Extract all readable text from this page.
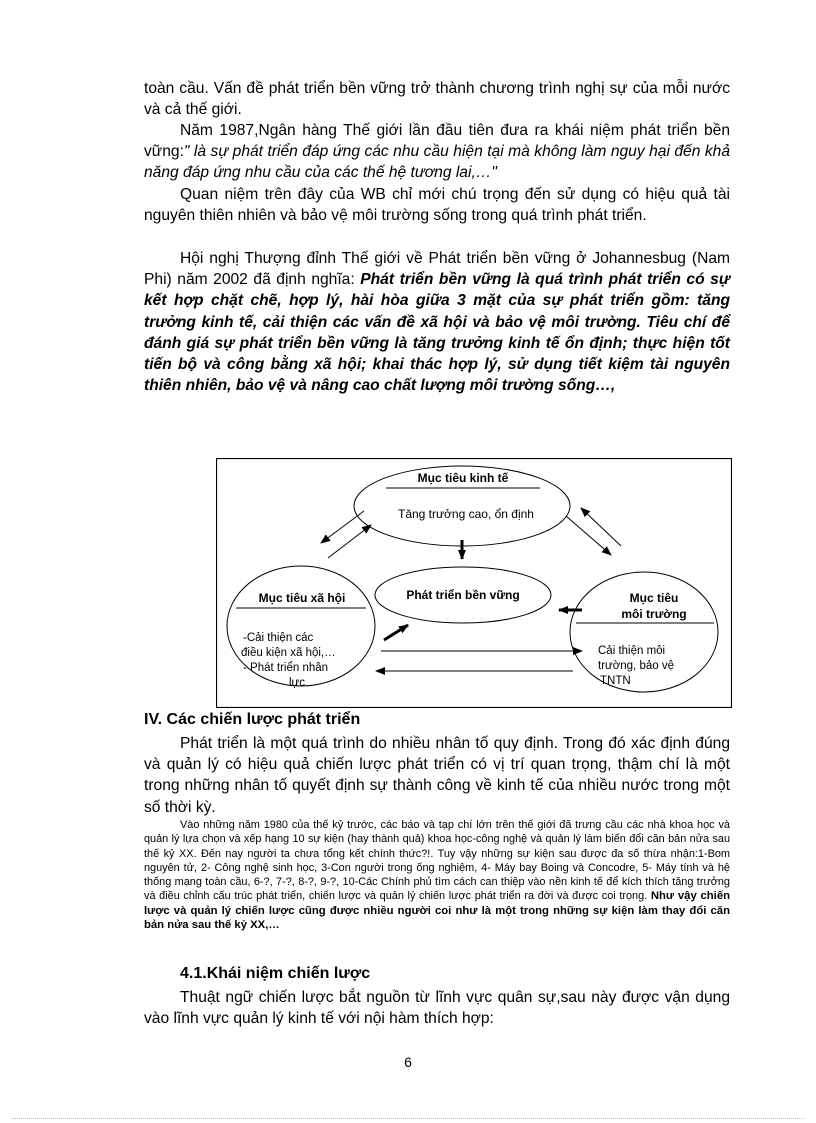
toàn cầu. Vấn đề phát triển bền vững trở thành chương trình nghị sự của mỗi nước và cả thế giới.

Năm 1987,Ngân hàng Thế giới lần đầu tiên đưa ra khái niệm phát triển bền vững:" là sự phát triển đáp ứng các nhu cầu hiện tại mà không làm nguy hại đến khả năng đáp ứng nhu cầu của các thế hệ tương lai,…"

Quan niệm trên đây của WB chỉ mới chú trọng đến sử dụng có hiệu quả tài nguyên thiên nhiên và bảo vệ môi trường sống trong quá trình phát triển.

Hội nghị Thượng đỉnh Thế giới về Phát triển bền vững ở Johannesbug (Nam Phi) năm 2002 đã định nghĩa: Phát triển bền vững là quá trình phát triển có sự kết hợp chặt chẽ, hợp lý, hài hòa giữa 3 mặt của sự phát triển gồm: tăng trưởng kinh tế, cải thiện các vấn đề xã hội và bảo vệ môi trường. Tiêu chí để đánh giá sự phát triển bền vững là tăng trưởng kinh tế ổn định; thực hiện tốt tiến bộ và công bằng xã hội; khai thác hợp lý, sử dụng tiết kiệm tài nguyên thiên nhiên, bảo vệ và nâng cao chất lượng môi trường sống…,

Mục tiêu kinh tế
Tăng trưởng cao, ổn định
Phát triển bền vững
Mục tiêu xã hội
-Cải thiện các
điều kiện xã hội,…
- Phát triển nhân
lực
Mục tiêu
môi trường
Cải thiện môi
trường, bảo vệ
TNTN
IV. Các chiến lược phát triển

Phát triển là một quá trình do nhiều nhân tố quy định. Trong đó xác định đúng và quản lý có hiệu quả chiến lược phát triển có vị trí quan trọng, thậm chí là một trong những nhân tố quyết định sự thành công về kinh tế của nhiều nước trong một số thời kỳ.

Vào những năm 1980 của thế kỷ trước, các báo và tạp chí lớn trên thế giới đã trưng cầu các nhà khoa học và quản lý lựa chọn và xếp hạng 10 sự kiện (hay thành quả) khoa học-công nghệ và quản lý làm biến đổi căn bản nửa sau thế kỷ XX. Đến nay người ta chưa tổng kết chính thức?!. Tuy vậy những sự kiện sau được đa số thừa nhận:1-Bom nguyên tử, 2- Công nghệ sinh học, 3-Con người trong ống nghiệm, 4- Máy bay Boing và Concodre, 5- Máy tính và hệ thống mạng toàn cầu, 6-?, 7-?, 8-?, 9-?, 10-Các Chính phủ tìm cách can thiệp vào nền kinh tế để kích thích tăng trưởng và điều chỉnh cấu trúc phát triển, chiến lược và quản lý chiến lược phát triển ra đời và được coi trọng. Như vậy chiến lược và quản lý chiến lược cũng được nhiều người coi như là một trong những sự kiện làm thay đổi căn bản nửa sau thế kỷ XX,…

4.1.Khái niệm chiến lược

Thuật ngữ chiến lược bắt nguồn từ lĩnh vực quân sự,sau này được vận dụng vào lĩnh vực quản lý kinh tế với nội hàm thích hợp:

6
